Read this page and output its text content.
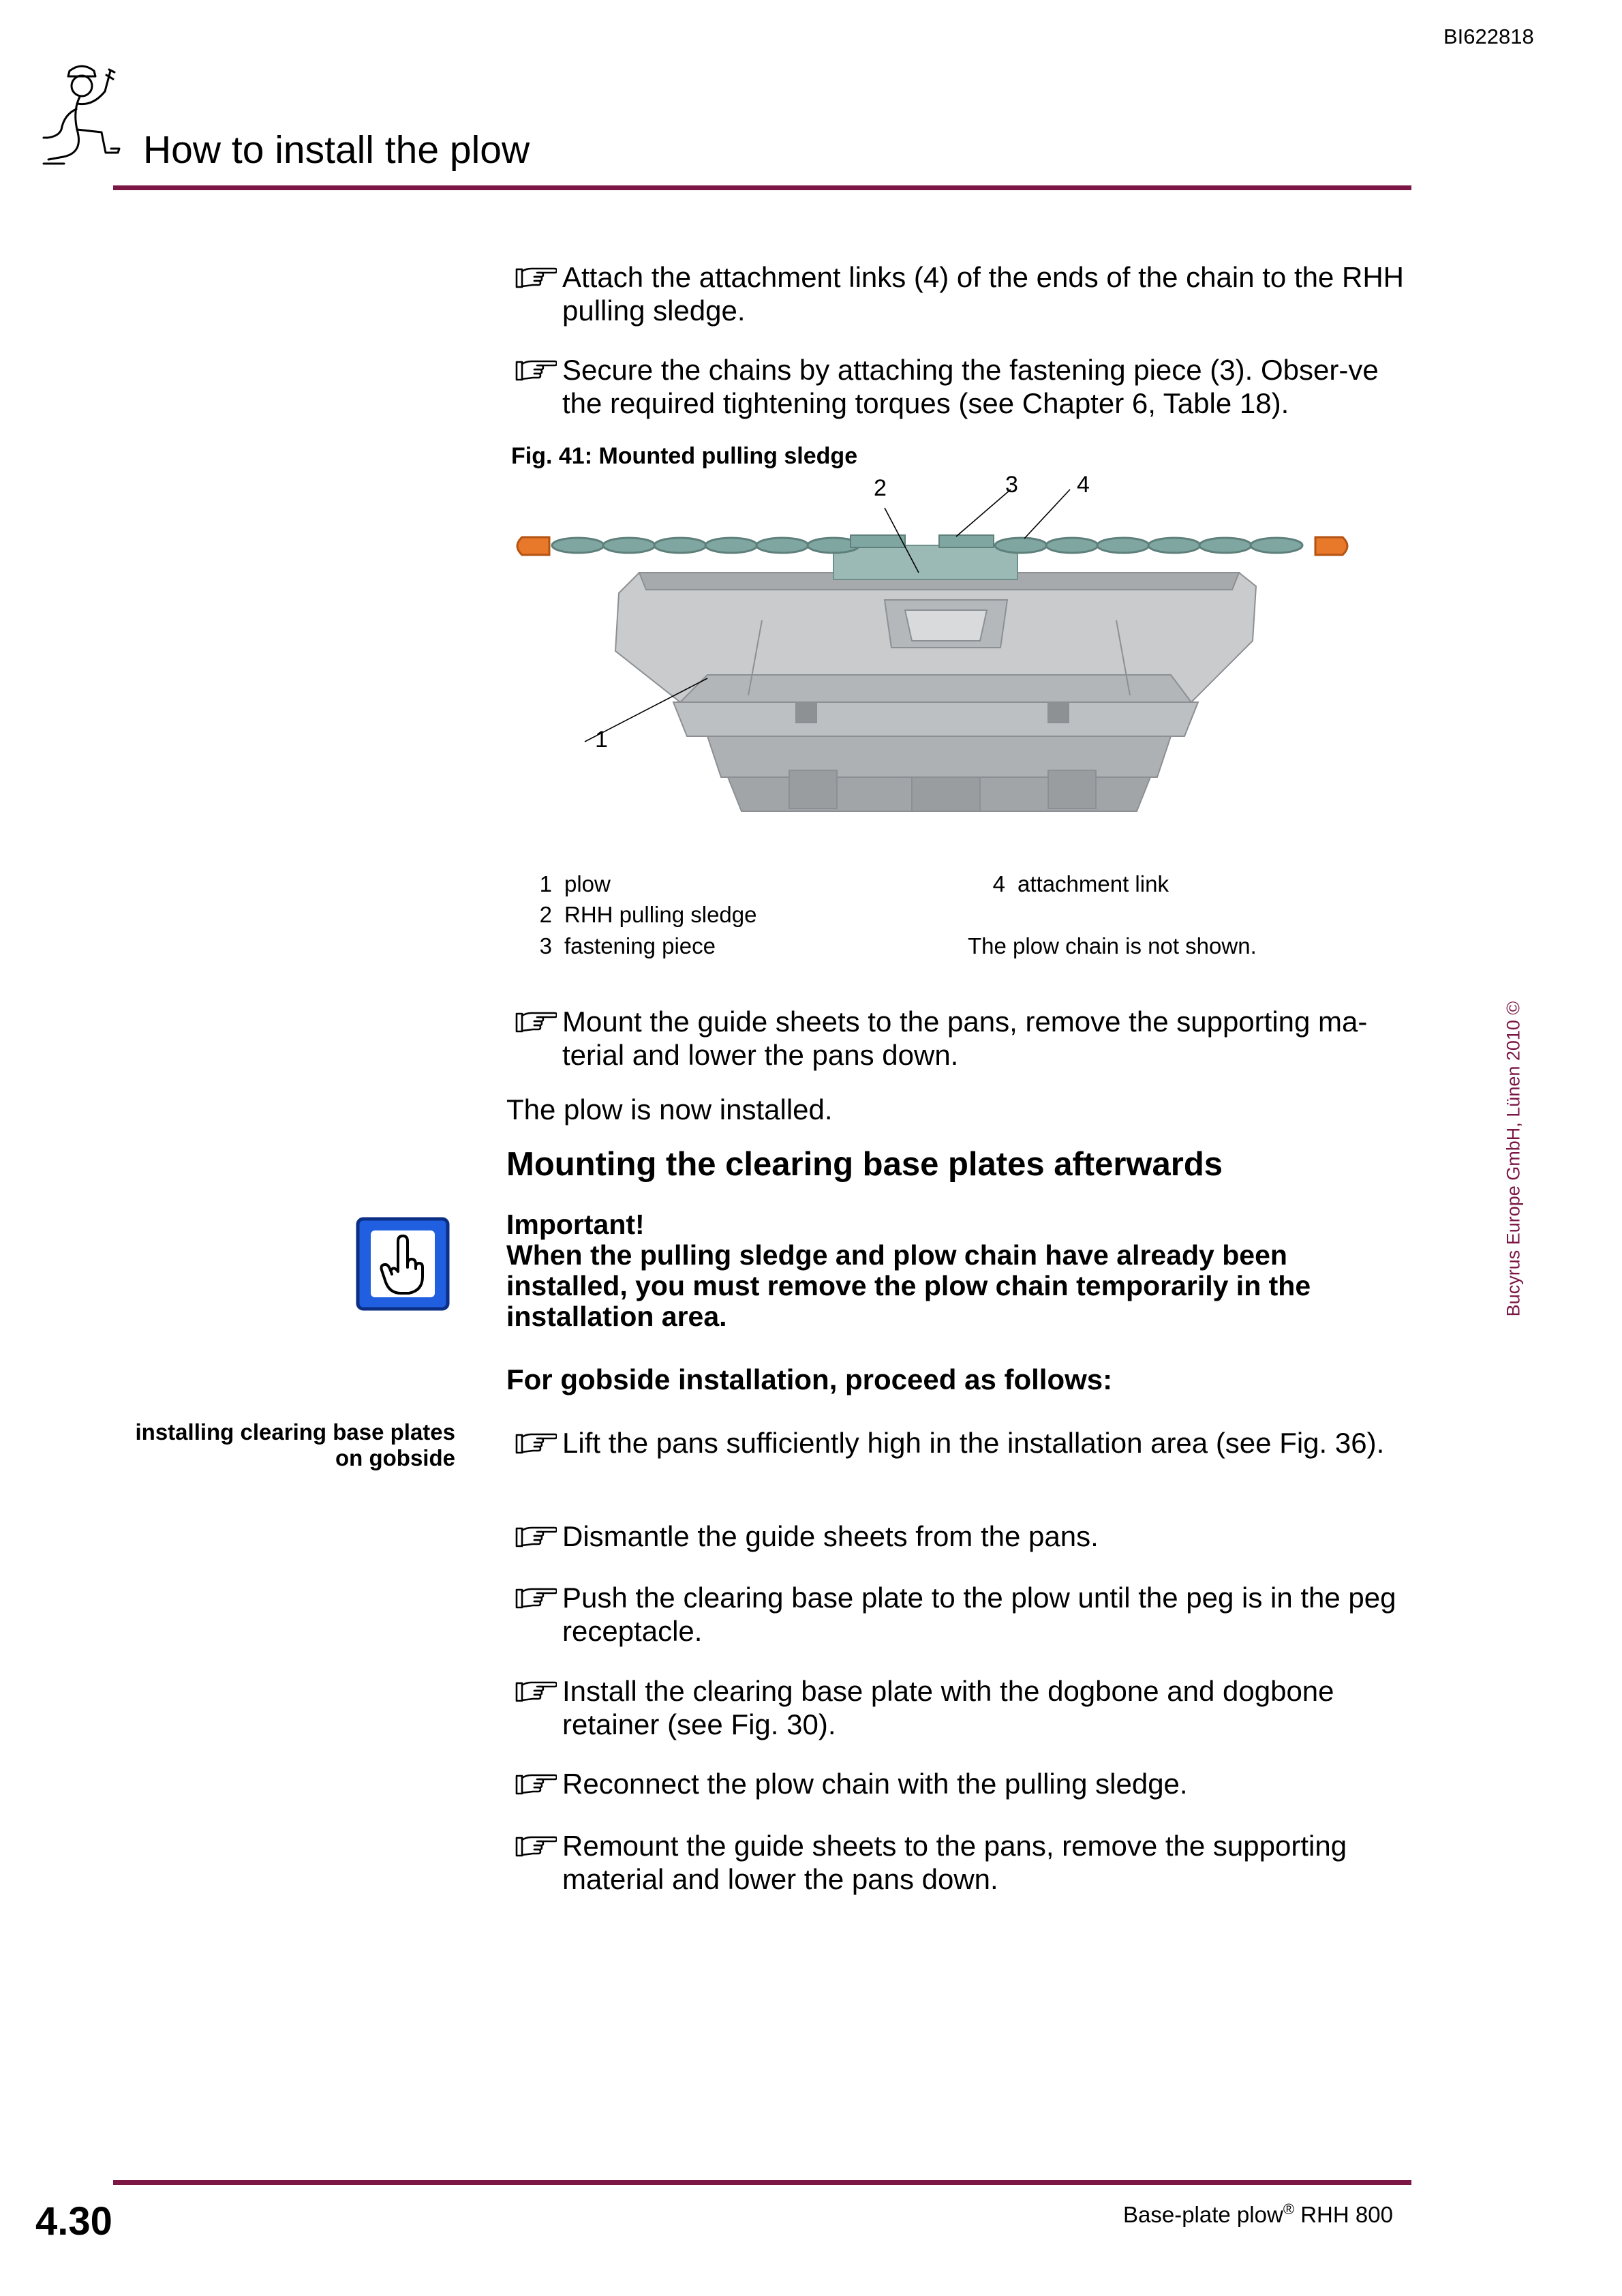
BI622818
How to install the plow
Attach the attachment links (4) of the ends of the chain to the RHH pulling sledge.
Secure the chains by attaching the fastening piece (3). Obser-ve the required tightening torques (see Chapter 6, Table 18).
Fig. 41: Mounted pulling sledge
1
2	3	4
1 plow
2 RHH pulling sledge
3 fastening piece
4 attachment link
The plow chain is not shown.
Mount the guide sheets to the pans, remove the supporting ma-terial and lower the pans down.
The plow is now installed.
Mounting the clearing base plates afterwards
Important!
When the pulling sledge and plow chain have already been installed, you must remove the plow chain temporarily in the installation area.
For gobside installation, proceed as follows:
installing clearing base plates on gobside	Lift the pans sufficiently high in the installation area (see Fig. 36).
Dismantle the guide sheets from the pans.
Push the clearing base plate to the plow until the peg is in the peg receptacle.
Install the clearing base plate with the dogbone and dogbone retainer (see Fig. 30).
Reconnect the plow chain with the pulling sledge.
Remount the guide sheets to the pans, remove the supporting material and lower the pans down.
Bucyrus Europe GmbH, Lünen 2010 ©
4.30	Base-plate plow® RHH 800
